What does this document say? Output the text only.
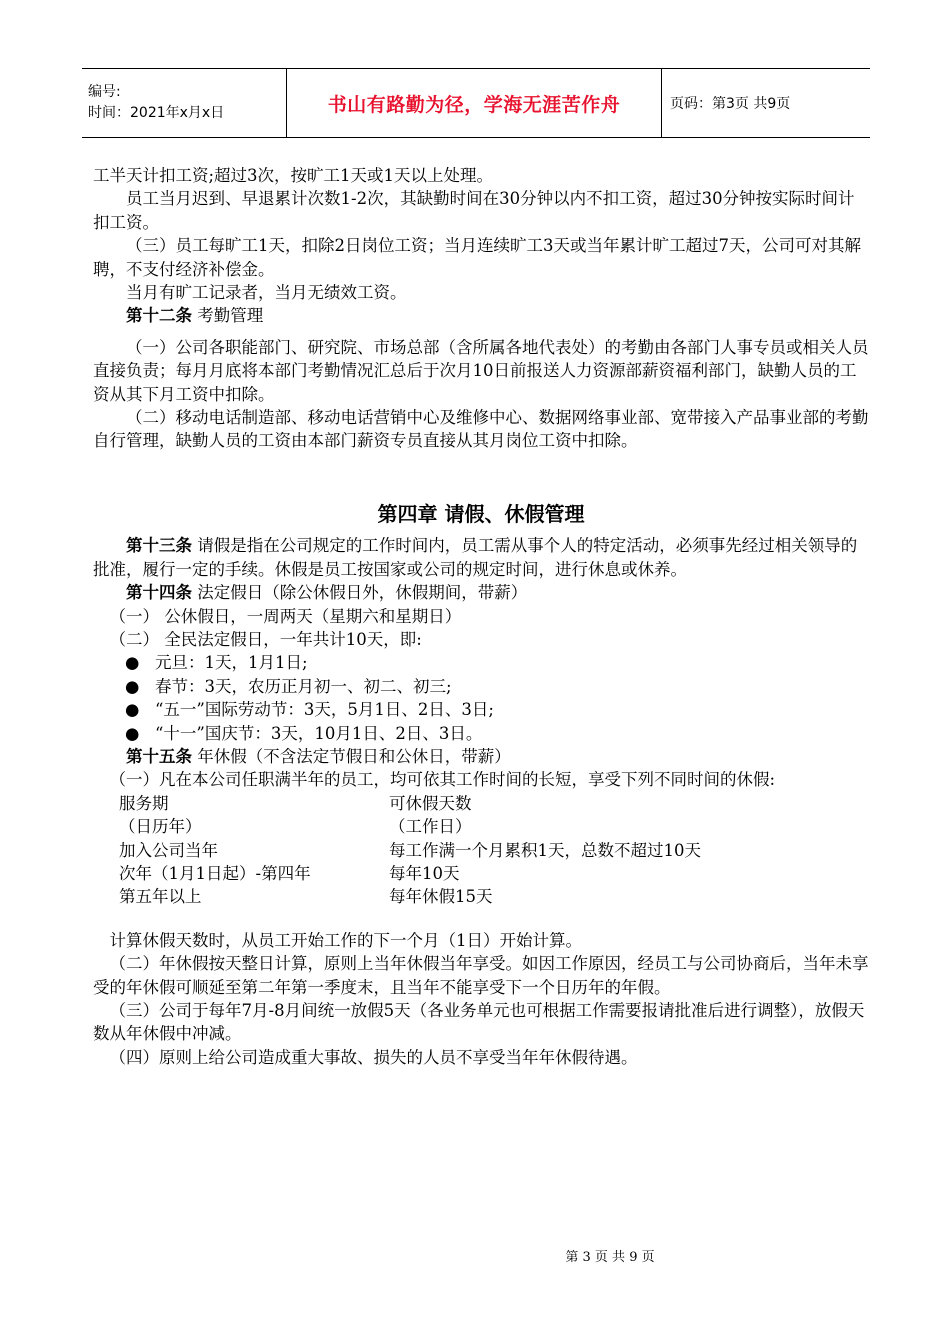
编号:
时间：2021年x月x日	书山有路勤为径，学海无涯苦作舟	页码：第3页 共9页

工半天计扣工资;超过3次，按旷工1天或1天以上处理。

员工当月迟到、早退累计次数1-2次，其缺勤时间在30分钟以内不扣工资，超过30分钟按实际时间计扣工资。

（三）员工每旷工1天，扣除2日岗位工资；当月连续旷工3天或当年累计旷工超过7天，公司可对其解聘，不支付经济补偿金。

当月有旷工记录者，当月无绩效工资。

第十二条 考勤管理

（一）公司各职能部门、研究院、市场总部（含所属各地代表处）的考勤由各部门人事专员或相关人员直接负责；每月月底将本部门考勤情况汇总后于次月10日前报送人力资源部薪资福利部门，缺勤人员的工资从其下月工资中扣除。

（二）移动电话制造部、移动电话营销中心及维修中心、数据网络事业部、宽带接入产品事业部的考勤自行管理，缺勤人员的工资由本部门薪资专员直接从其月岗位工资中扣除。

第四章 请假、休假管理

第十三条 请假是指在公司规定的工作时间内，员工需从事个人的特定活动，必须事先经过相关领导的批准，履行一定的手续。休假是员工按国家或公司的规定时间，进行休息或休养。

第十四条 法定假日（除公休假日外，休假期间，带薪）

（一） 公休假日，一周两天（星期六和星期日）

（二） 全民法定假日，一年共计10天，即:

● 元旦：1天，1月1日;
● 春节：3天，农历正月初一、初二、初三;
● “五一”国际劳动节：3天，5月1日、2日、3日;
● “十一”国庆节：3天，10月1日、2日、3日。

第十五条 年休假（不含法定节假日和公休日，带薪）

（一）凡在本公司任职满半年的员工，均可依其工作时间的长短，享受下列不同时间的休假:

服务期	可休假天数
（日历年）	（工作日）
加入公司当年	每工作满一个月累积1天，总数不超过10天
次年（1月1日起）-第四年	每年10天
第五年以上	每年休假15天

计算休假天数时，从员工开始工作的下一个月（1日）开始计算。

（二）年休假按天整日计算，原则上当年休假当年享受。如因工作原因，经员工与公司协商后，当年未享受的年休假可顺延至第二年第一季度末，且当年不能享受下一个日历年的年假。

（三）公司于每年7月-8月间统一放假5天（各业务单元也可根据工作需要报请批准后进行调整），放假天数从年休假中冲减。

（四）原则上给公司造成重大事故、损失的人员不享受当年年休假待遇。

第 3 页 共 9 页
